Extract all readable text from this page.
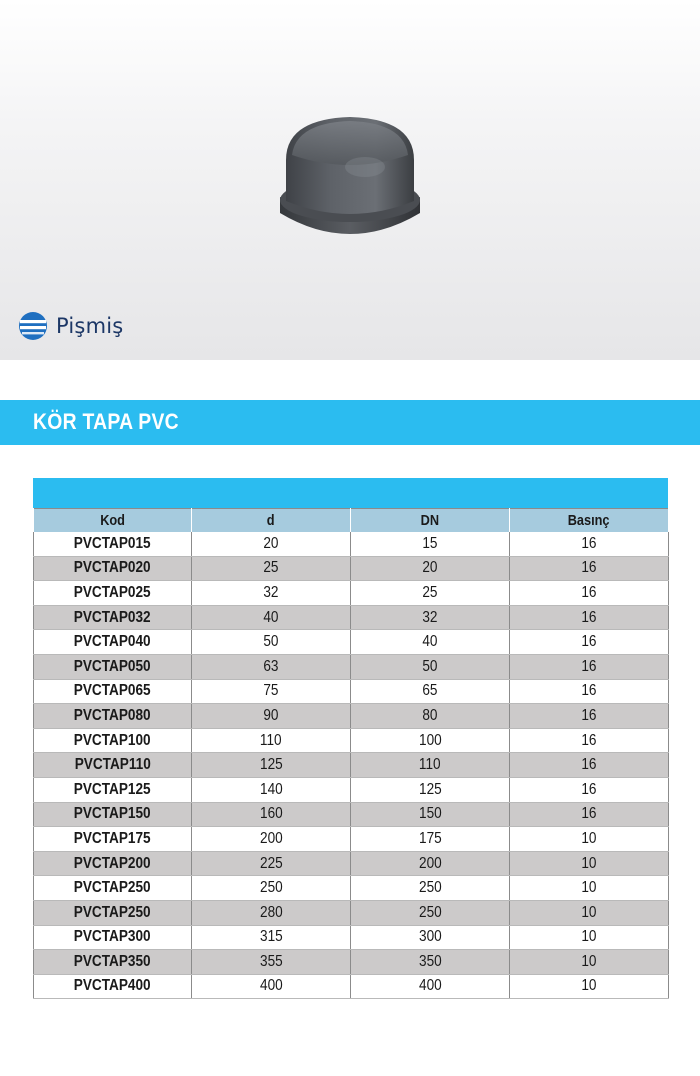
Pişmiş
KÖR TAPA PVC
Kod	d	DN	Basınç
PVCTAP015	20	15	16
PVCTAP020	25	20	16
PVCTAP025	32	25	16
PVCTAP032	40	32	16
PVCTAP040	50	40	16
PVCTAP050	63	50	16
PVCTAP065	75	65	16
PVCTAP080	90	80	16
PVCTAP100	110	100	16
PVCTAP110	125	110	16
PVCTAP125	140	125	16
PVCTAP150	160	150	16
PVCTAP175	200	175	10
PVCTAP200	225	200	10
PVCTAP250	250	250	10
PVCTAP250	280	250	10
PVCTAP300	315	300	10
PVCTAP350	355	350	10
PVCTAP400	400	400	10
